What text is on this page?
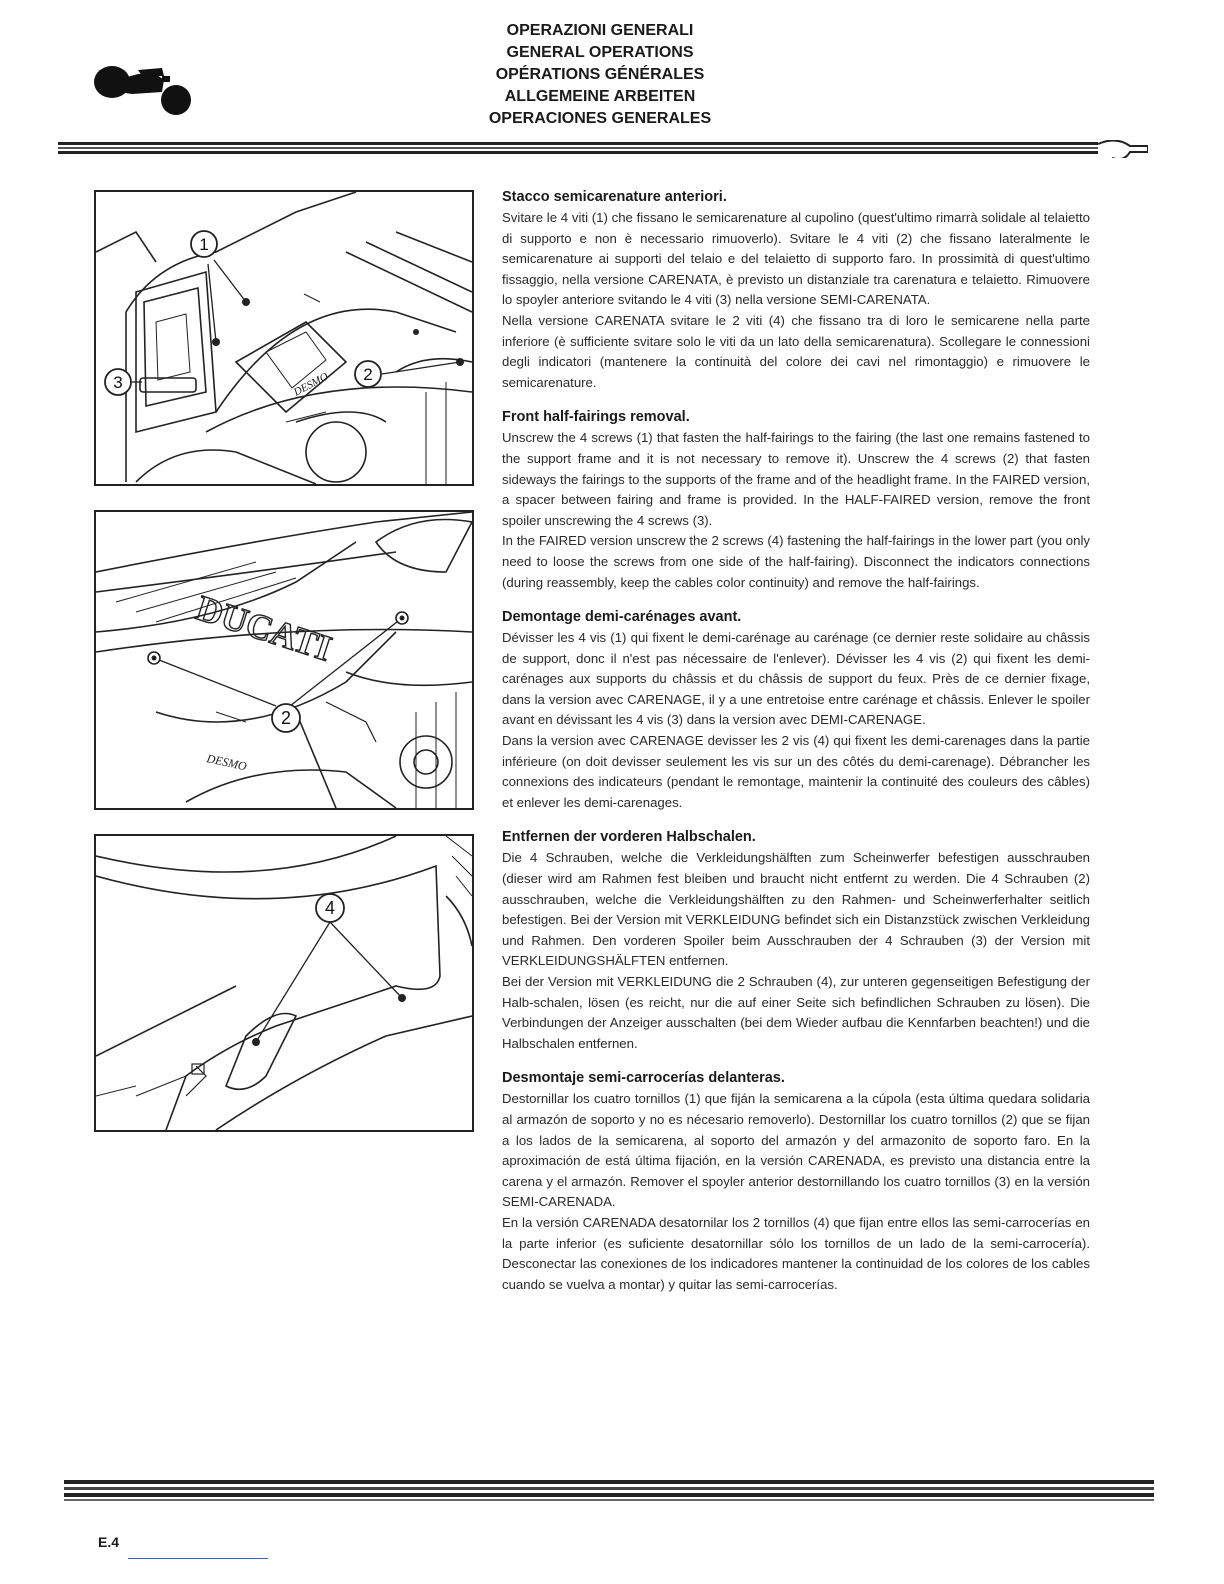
OPERAZIONI GENERALI
GENERAL OPERATIONS
OPÉRATIONS GÉNÉRALES
ALLGEMEINE ARBEITEN
OPERACIONES GENERALES
1
2
3	DESMO
DUCATI
DESMO
2
4
Stacco semicarenature anteriori.

Svitare le 4 viti (1) che fissano le semicarenature al cupolino (quest'ultimo rimarrà solidale al telaietto di supporto e non è necessario rimuoverlo). Svitare le 4 viti (2) che fissano lateralmente le semicarenature ai supporti del telaio e del telaietto di supporto faro. In prossimità di quest'ultimo fissaggio, nella versione CARENATA, è previsto un distanziale tra carenatura e telaietto. Rimuovere lo spoyler anteriore svitando le 4 viti (3) nella versione SEMI-CARENATA.

Nella versione CARENATA svitare le 2 viti (4) che fissano tra di loro le semicarene nella parte inferiore (è sufficiente svitare solo le viti da un lato della semicarenatura). Scollegare le connessioni degli indicatori (mantenere la continuità del colore dei cavi nel rimontaggio) e rimuovere le semicarenature.

Front half-fairings removal.

Unscrew the 4 screws (1) that fasten the half-fairings to the fairing (the last one remains fastened to the support frame and it is not necessary to remove it). Unscrew the 4 screws (2) that fasten sideways the fairings to the supports of the frame and of the headlight frame. In the FAIRED version, a spacer between fairing and frame is provided. In the HALF-FAIRED version, remove the front spoiler unscrewing the 4 screws (3).

In the FAIRED version unscrew the 2 screws (4) fastening the half-fairings in the lower part (you only need to loose the screws from one side of the half-fairing). Disconnect the indicators connections (during reassembly, keep the cables color continuity) and remove the half-fairings.

Demontage demi-carénages avant.

Dévisser les 4 vis (1) qui fixent le demi-carénage au carénage (ce dernier reste solidaire au châssis de support, donc il n'est pas nécessaire de l'enlever). Dévisser les 4 vis (2) qui fixent les demi-carénages aux supports du châssis et du châssis de support du feux. Près de ce dernier fixage, dans la version avec CARENAGE, il y a une entretoise entre carénage et châssis. Enlever le spoiler avant en dévissant les 4 vis (3) dans la version avec DEMI-CARENAGE.

Dans la version avec CARENAGE devisser les 2 vis (4) qui fixent les demi-carenages dans la partie inférieure (on doit devisser seulement les vis sur un des côtés du demi-carenage). Débrancher les connexions des indicateurs (pendant le remontage, maintenir la continuité des couleurs des câbles) et enlever les demi-carenages.

Entfernen der vorderen Halbschalen.

Die 4 Schrauben, welche die Verkleidungshälften zum Scheinwerfer befestigen ausschrauben (dieser wird am Rahmen fest bleiben und braucht nicht entfernt zu werden. Die 4 Schrauben (2) ausschrauben, welche die Verkleidungshälften zu den Rahmen- und Scheinwerferhalter seitlich befestigen. Bei der Version mit VERKLEIDUNG befindet sich ein Distanzstück zwischen Verkleidung und Rahmen. Den vorderen Spoiler beim Ausschrauben der 4 Schrauben (3) der Version mit VERKLEIDUNGSHÄLFTEN entfernen.

Bei der Version mit VERKLEIDUNG die 2 Schrauben (4), zur unteren gegenseitigen Befestigung der Halb-schalen, lösen (es reicht, nur die auf einer Seite sich befindlichen Schrauben zu lösen). Die Verbindungen der Anzeiger ausschalten (bei dem Wieder aufbau die Kennfarben beachten!) und die Halbschalen entfernen.

Desmontaje semi-carrocerías delanteras.

Destornillar los cuatro tornillos (1) que fiján la semicarena a la cúpola (esta última quedara solidaria al armazón de soporto y no es nécesario removerlo). Destornillar los cuatro tornillos (2) que se fijan a los lados de la semicarena, al soporto del armazón y del armazonito de soporto faro. En la aproximación de está última fijación, en la versión CARENADA, es previsto una distancia entre la carena y el armazón. Remover el spoyler anterior destornillando los cuatro tornillos (3) en la versión SEMI-CARENADA.

En la versión CARENADA desatornilar los 2 tornillos (4) que fijan entre ellos las semi-carrocerías en la parte inferior (es suficiente desatornillar sólo los tornillos de un lado de la semi-carrocería). Desconectar las conexiones de los indicadores mantener la continuidad de los colores de los cables cuando se vuelva a montar) y quitar las semi-carrocerías.

E.4
